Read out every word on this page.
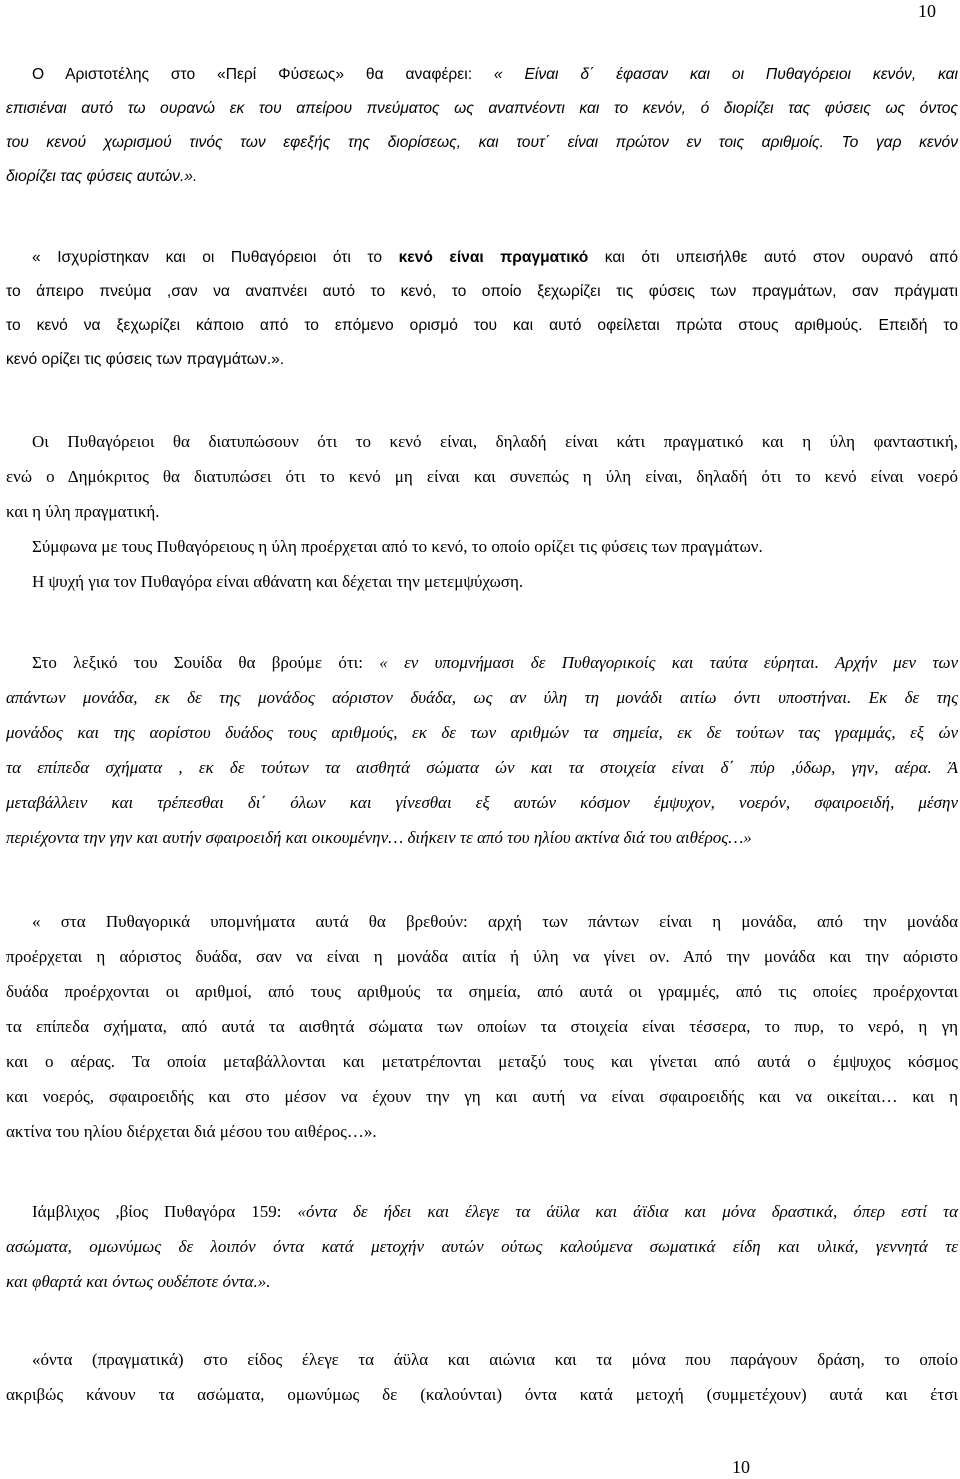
10
Ο Αριστοτέλης στο «Περί Φύσεως» θα αναφέρει: « Είναι δ΄ έφασαν και οι Πυθαγόρειοι κενόν, και
επισιέναι αυτό τω ουρανώ εκ του απείρου πνεύματος ως αναπνέοντι και το κενόν, ό διορίζει τας φύσεις ως όντος
του κενού χωρισμού τινός των εφεξής της διορίσεως, και τουτ΄ είναι πρώτον εν τοις αριθμοίς. Το γαρ κενόν
διορίζει τας φύσεις αυτών.».
« Ισχυρίστηκαν και οι Πυθαγόρειοι ότι το κενό είναι πραγματικό και ότι υπεισήλθε αυτό στον ουρανό από
το άπειρο πνεύμα ,σαν να αναπνέει αυτό το κενό, το οποίο ξεχωρίζει τις φύσεις των πραγμάτων, σαν πράγματι
το κενό να ξεχωρίζει κάποιο από το επόμενο ορισμό του και αυτό οφείλεται πρώτα στους αριθμούς. Επειδή το
κενό ορίζει τις φύσεις των πραγμάτων.».
Οι Πυθαγόρειοι θα διατυπώσουν ότι το κενό είναι, δηλαδή είναι κάτι πραγματικό και η ύλη φανταστική,
ενώ ο Δημόκριτος θα διατυπώσει ότι το κενό μη είναι και συνεπώς η ύλη είναι, δηλαδή ότι το κενό είναι νοερό
και η ύλη πραγματική.
Σύμφωνα με τους Πυθαγόρειους η ύλη προέρχεται από το κενό, το οποίο ορίζει τις φύσεις των πραγμάτων.
Η ψυχή για τον Πυθαγόρα είναι αθάνατη και δέχεται την μετεμψύχωση.
Στο λεξικό του Σουίδα θα βρούμε ότι: « εν υπομνήμασι δε Πυθαγορικοίς και ταύτα εύρηται. Αρχήν μεν των
απάντων μονάδα, εκ δε της μονάδος αόριστον δυάδα, ως αν ύλη τη μονάδι αιτίω όντι υποστήναι. Εκ δε της
μονάδος και της αορίστου δυάδος τους αριθμούς, εκ δε των αριθμών τα σημεία, εκ δε τούτων τας γραμμάς, εξ ών
τα επίπεδα σχήματα , εκ δε τούτων τα αισθητά σώματα ών και τα στοιχεία είναι δ΄ πύρ ,ύδωρ, γην, αέρα. Ά
μεταβάλλειν και τρέπεσθαι δι΄ όλων και γίνεσθαι εξ αυτών κόσμον έμψυχον, νοερόν, σφαιροειδή, μέσην
περιέχοντα την γην και αυτήν σφαιροειδή και οικουμένην… διήκειν τε από του ηλίου ακτίνα διά του αιθέρος…»
« στα Πυθαγορικά υπομνήματα αυτά θα βρεθούν: αρχή των πάντων είναι η μονάδα, από την μονάδα
προέρχεται η αόριστος δυάδα, σαν να είναι η μονάδα αιτία ή ύλη να γίνει ον. Από την μονάδα και την αόριστο
δυάδα προέρχονται οι αριθμοί, από τους αριθμούς τα σημεία, από αυτά οι γραμμές, από τις οποίες προέρχονται
τα επίπεδα σχήματα, από αυτά τα αισθητά σώματα των οποίων τα στοιχεία είναι τέσσερα, το πυρ, το νερό, η γη
και ο αέρας. Τα οποία μεταβάλλονται και μετατρέπονται μεταξύ τους και γίνεται από αυτά ο έμψυχος κόσμος
και νοερός, σφαιροειδής και στο μέσον να έχουν την γη και αυτή να είναι σφαιροειδής και να οικείται… και η
ακτίνα του ηλίου διέρχεται διά μέσου του αιθέρος…».
Ιάμβλιχος ,βίος Πυθαγόρα 159: «όντα δε ήδει και έλεγε τα άϋλα και άϊδια και μόνα δραστικά, όπερ εστί τα
ασώματα, ομωνύμως δε λοιπόν όντα κατά μετοχήν αυτών ούτως καλούμενα σωματικά είδη και υλικά, γεννητά τε
και φθαρτά και όντως ουδέποτε όντα.».
«όντα (πραγματικά) στο είδος έλεγε τα άϋλα και αιώνια και τα μόνα που παράγουν δράση, το οποίο
ακριβώς κάνουν τα ασώματα, ομωνύμως δε (καλούνται) όντα κατά μετοχή (συμμετέχουν) αυτά και έτσι
10
